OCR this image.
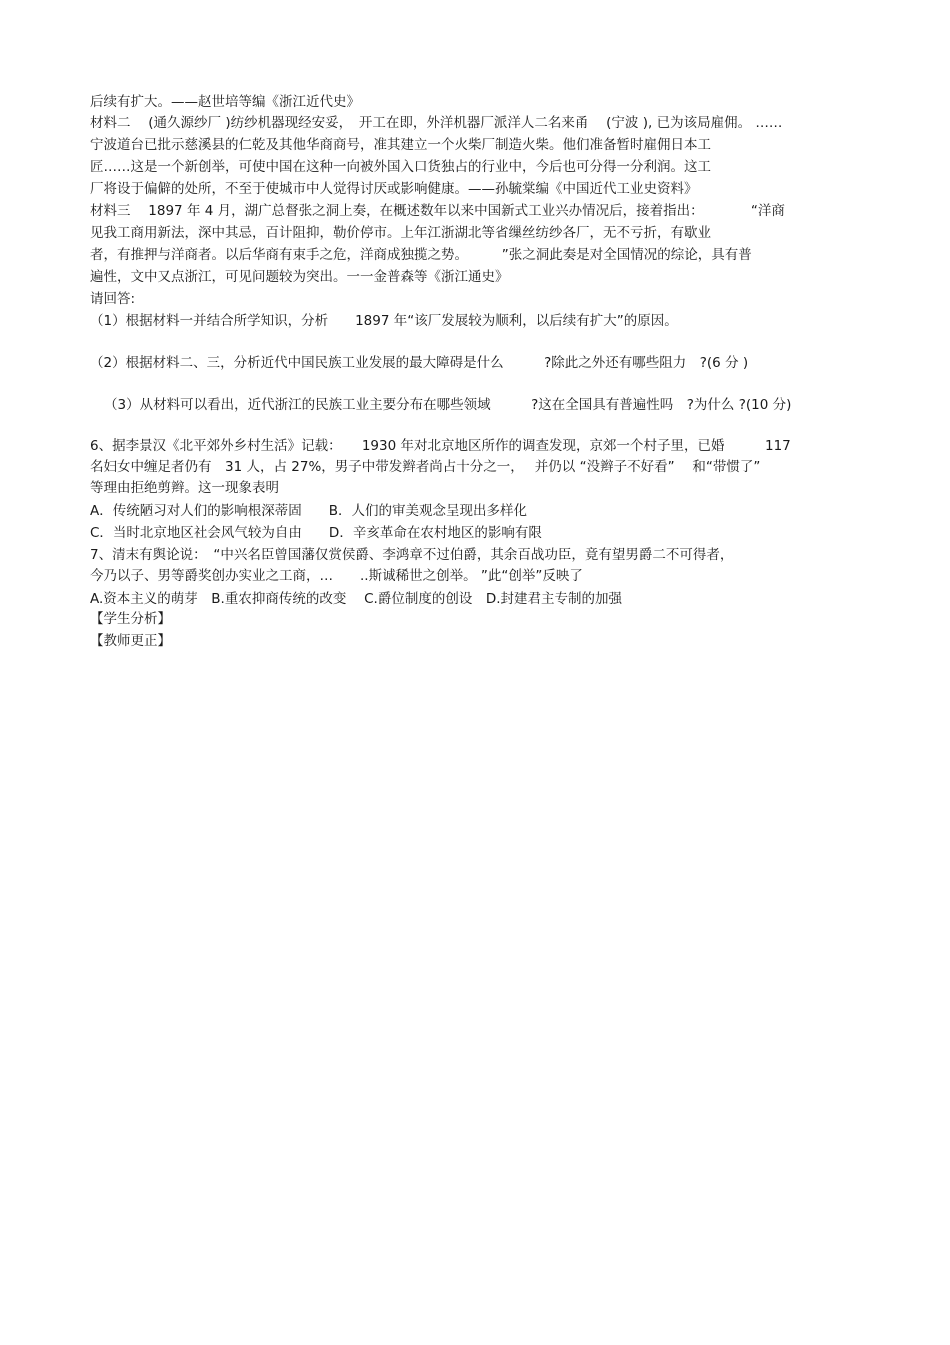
后续有扩大。——赵世培等编《浙江近代史》
材料二　 (通久源纱厂 )纺纱机器现经安妥，　开工在即，外洋机器厂派洋人二名来甬 　(宁波 ), 已为该局雇佣。 ……
宁波道台已批示慈溪县的仁乾及其他华商商号，准其建立一个火柴厂制造火柴。他们准备暂时雇佣日本工
匠……这是一个新创举，可使中国在这种一向被外国入口货独占的行业中，今后也可分得一分利润。这工
厂将设于偏僻的处所，不至于使城市中人觉得讨厌或影响健康。——孙毓棠编《中国近代工业史资料》
材料三　 1897 年 4 月，湖广总督张之洞上奏，在概述数年以来中国新式工业兴办情况后，接着指出：　　　　“洋商
见我工商用新法，深中其忌，百计阻抑，勒价停市。上年江浙湖北等省缫丝纺纱各厂，无不亏折，有歇业
者，有推押与洋商者。以后华商有束手之危，洋商成独揽之势。　　　”张之洞此奏是对全国情况的综论，具有普
遍性，文中又点浙江，可见问题较为突出。一一金普森等《浙江通史》
请回答:
（1）根据材料一并结合所学知识，分析　　1897 年“该厂发展较为顺利，以后续有扩大”的原因。
（2）根据材料二、三，分析近代中国民族工业发展的最大障碍是什么　　　?除此之外还有哪些阻力　?(6 分 )
（3）从材料可以看出，近代浙江的民族工业主要分布在哪些领域　　　?这在全国具有普遍性吗　?为什么 ?(10 分)
6、据李景汉《北平郊外乡村生活》记载：　　1930 年对北京地区所作的调查发现，京郊一个村子里，已婚　　　117
名妇女中缠足者仍有　31 人，占 27%，男子中带发辫者尚占十分之一，　 并仍以 “没辫子不好看” 　和“带惯了”
等理由拒绝剪辫。这一现象表明
A．传统陋习对人们的影响根深蒂固　　B．人们的审美观念呈现出多样化
C．当时北京地区社会风气较为自由　　D．辛亥革命在农村地区的影响有限
7、清末有舆论说：　“中兴名臣曾国藩仅赏侯爵、李鸿章不过伯爵，其余百战功臣，竟有望男爵二不可得者，
今乃以子、男等爵奖创办实业之工商，…　　..斯诚稀世之创举。 ”此“创举”反映了
A.资本主义的萌芽　B.重农抑商传统的改变　 C.爵位制度的创设　D.封建君主专制的加强
【学生分析】
【教师更正】
